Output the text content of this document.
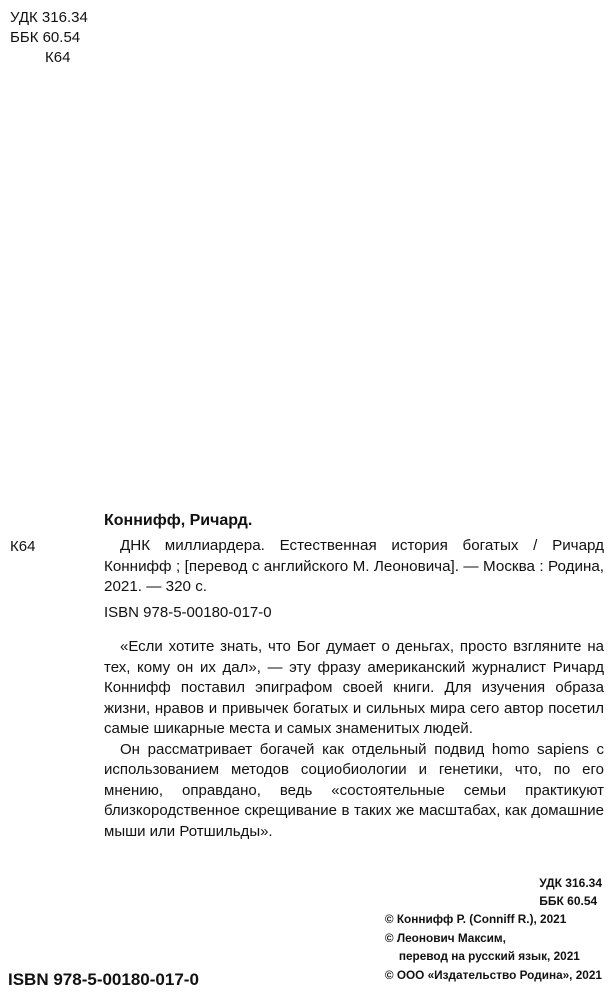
УДК 316.34
ББК 60.54
К64
Коннифф, Ричард.
К64	ДНК миллиардера. Естественная история богатых / Ричард Коннифф ; [перевод с английского М. Леоновича]. — Москва : Родина, 2021. — 320 с.

ISBN 978-5-00180-017-0

«Если хотите знать, что Бог думает о деньгах, просто взгляните на тех, кому он их дал», — эту фразу американский журналист Ричард Коннифф поставил эпиграфом своей книги. Для изучения образа жизни, нравов и привычек богатых и сильных мира сего автор посетил самые шикарные места и самых знаменитых людей.

Он рассматривает богачей как отдельный подвид homo sapiens с использованием методов социобиологии и генетики, что, по его мнению, оправдано, ведь «состоятельные семьи практикуют близкородственное скрещивание в таких же масштабах, как домашние мыши или Ротшильды».

УДК 316.34
ББК 60.54
© Коннифф Р. (Conniff R.), 2021
© Леонович Максим,
перевод на русский язык, 2021
© ООО «Издательство Родина», 2021
ISBN 978-5-00180-017-0
